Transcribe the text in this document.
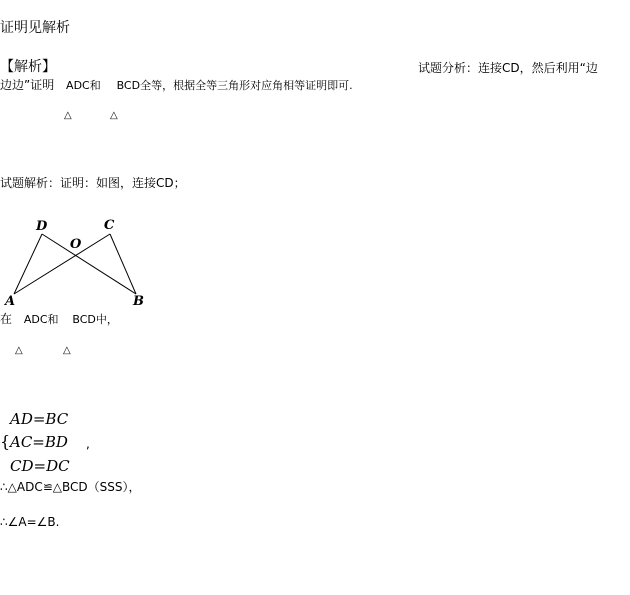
证明见解析
【解析】	试题分析：连接CD，然后利用“边
边边”证明 ADC和 BCD全等，根据全等三角形对应角相等证明即可.
△	△
试题解析：证明：如图，连接CD；
D	C
O
A	B
在 ADC和 BCD中，
△	△
AD=BC
{ AC=BD ,
CD=DC
∴△ADC≌△BCD（SSS），
∴∠A=∠B.
